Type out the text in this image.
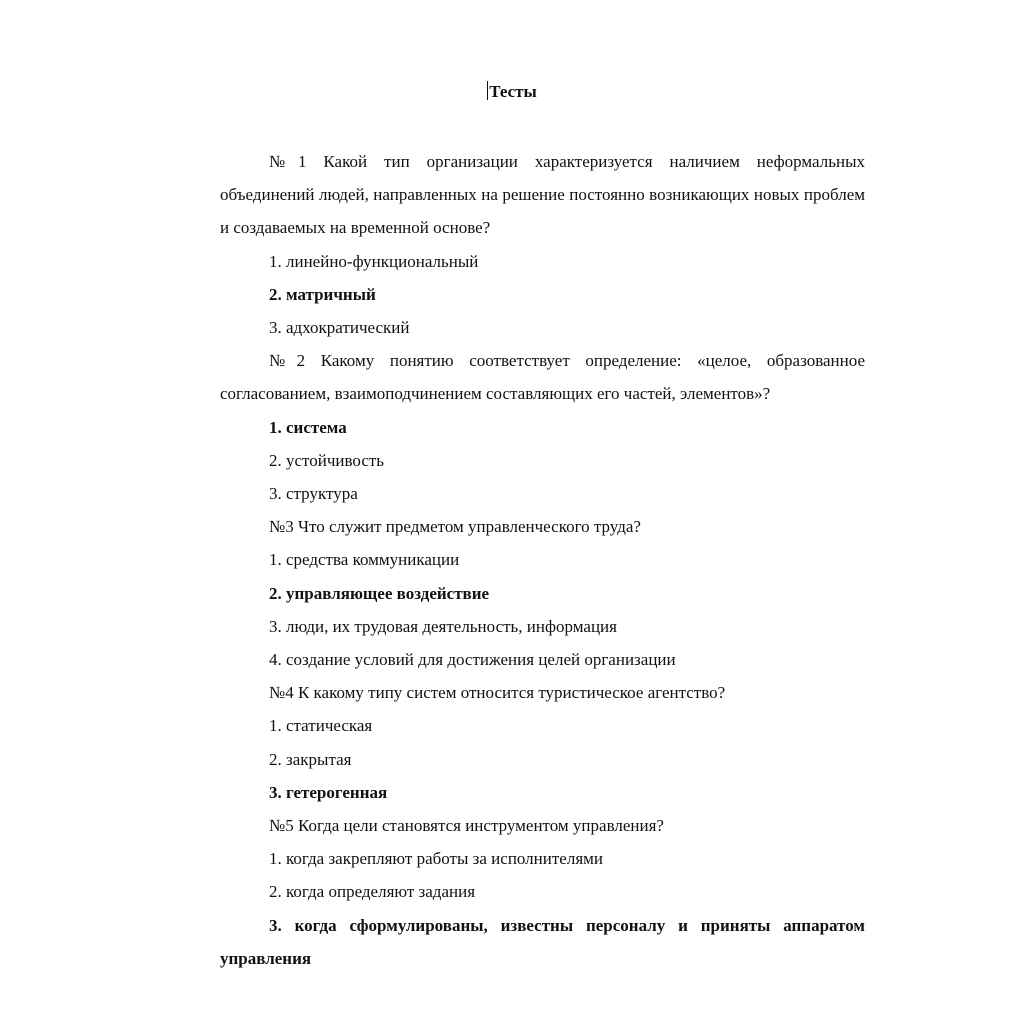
Тесты

№1 Какой тип организации характеризуется наличием неформальных объединений людей, направленных на решение постоянно возникающих новых проблем и создаваемых на временной основе?

1. линейно-функциональный

2. матричный

3. адхократический

№2 Какому понятию соответствует определение: «целое, образованное согласованием, взаимоподчинением составляющих его частей, элементов»?

1. система

2. устойчивость

3. структура

№3 Что служит предметом управленческого труда?

1. средства коммуникации

2. управляющее воздействие

3. люди, их трудовая деятельность, информация

4. создание условий для достижения целей организации

№4 К какому типу систем относится туристическое агентство?

1. статическая

2. закрытая

3. гетерогенная

№5 Когда цели становятся инструментом управления?

1. когда закрепляют работы за исполнителями

2. когда определяют задания

3. когда сформулированы, известны персоналу и приняты аппаратом управления
